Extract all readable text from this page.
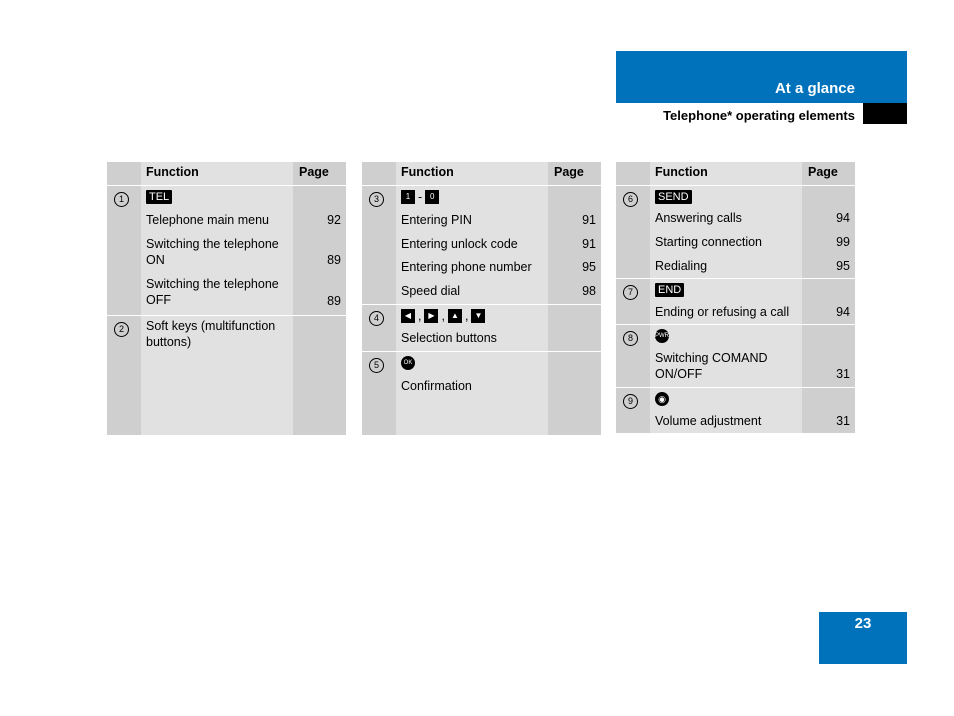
At a glance
Telephone* operating elements
Function	Page
1	TEL
Telephone main menu	92
Switching the telephone ON	89
Switching the telephone OFF	89
2	Soft keys (multifunction buttons)
Function	Page
3	1 - 0
Entering PIN	91
Entering unlock code	91
Entering phone number	95
Speed dial	98
4	◀ , ▶ , ▲ , ▼
Selection buttons
5	OK
Confirmation
Function	Page
6	SEND
Answering calls	94
Starting connection	99
Redialing	95
7	END
Ending or refusing a call	94
8	PWR
Switching COMAND ON/OFF	31
9	◉
Volume adjustment	31
23
